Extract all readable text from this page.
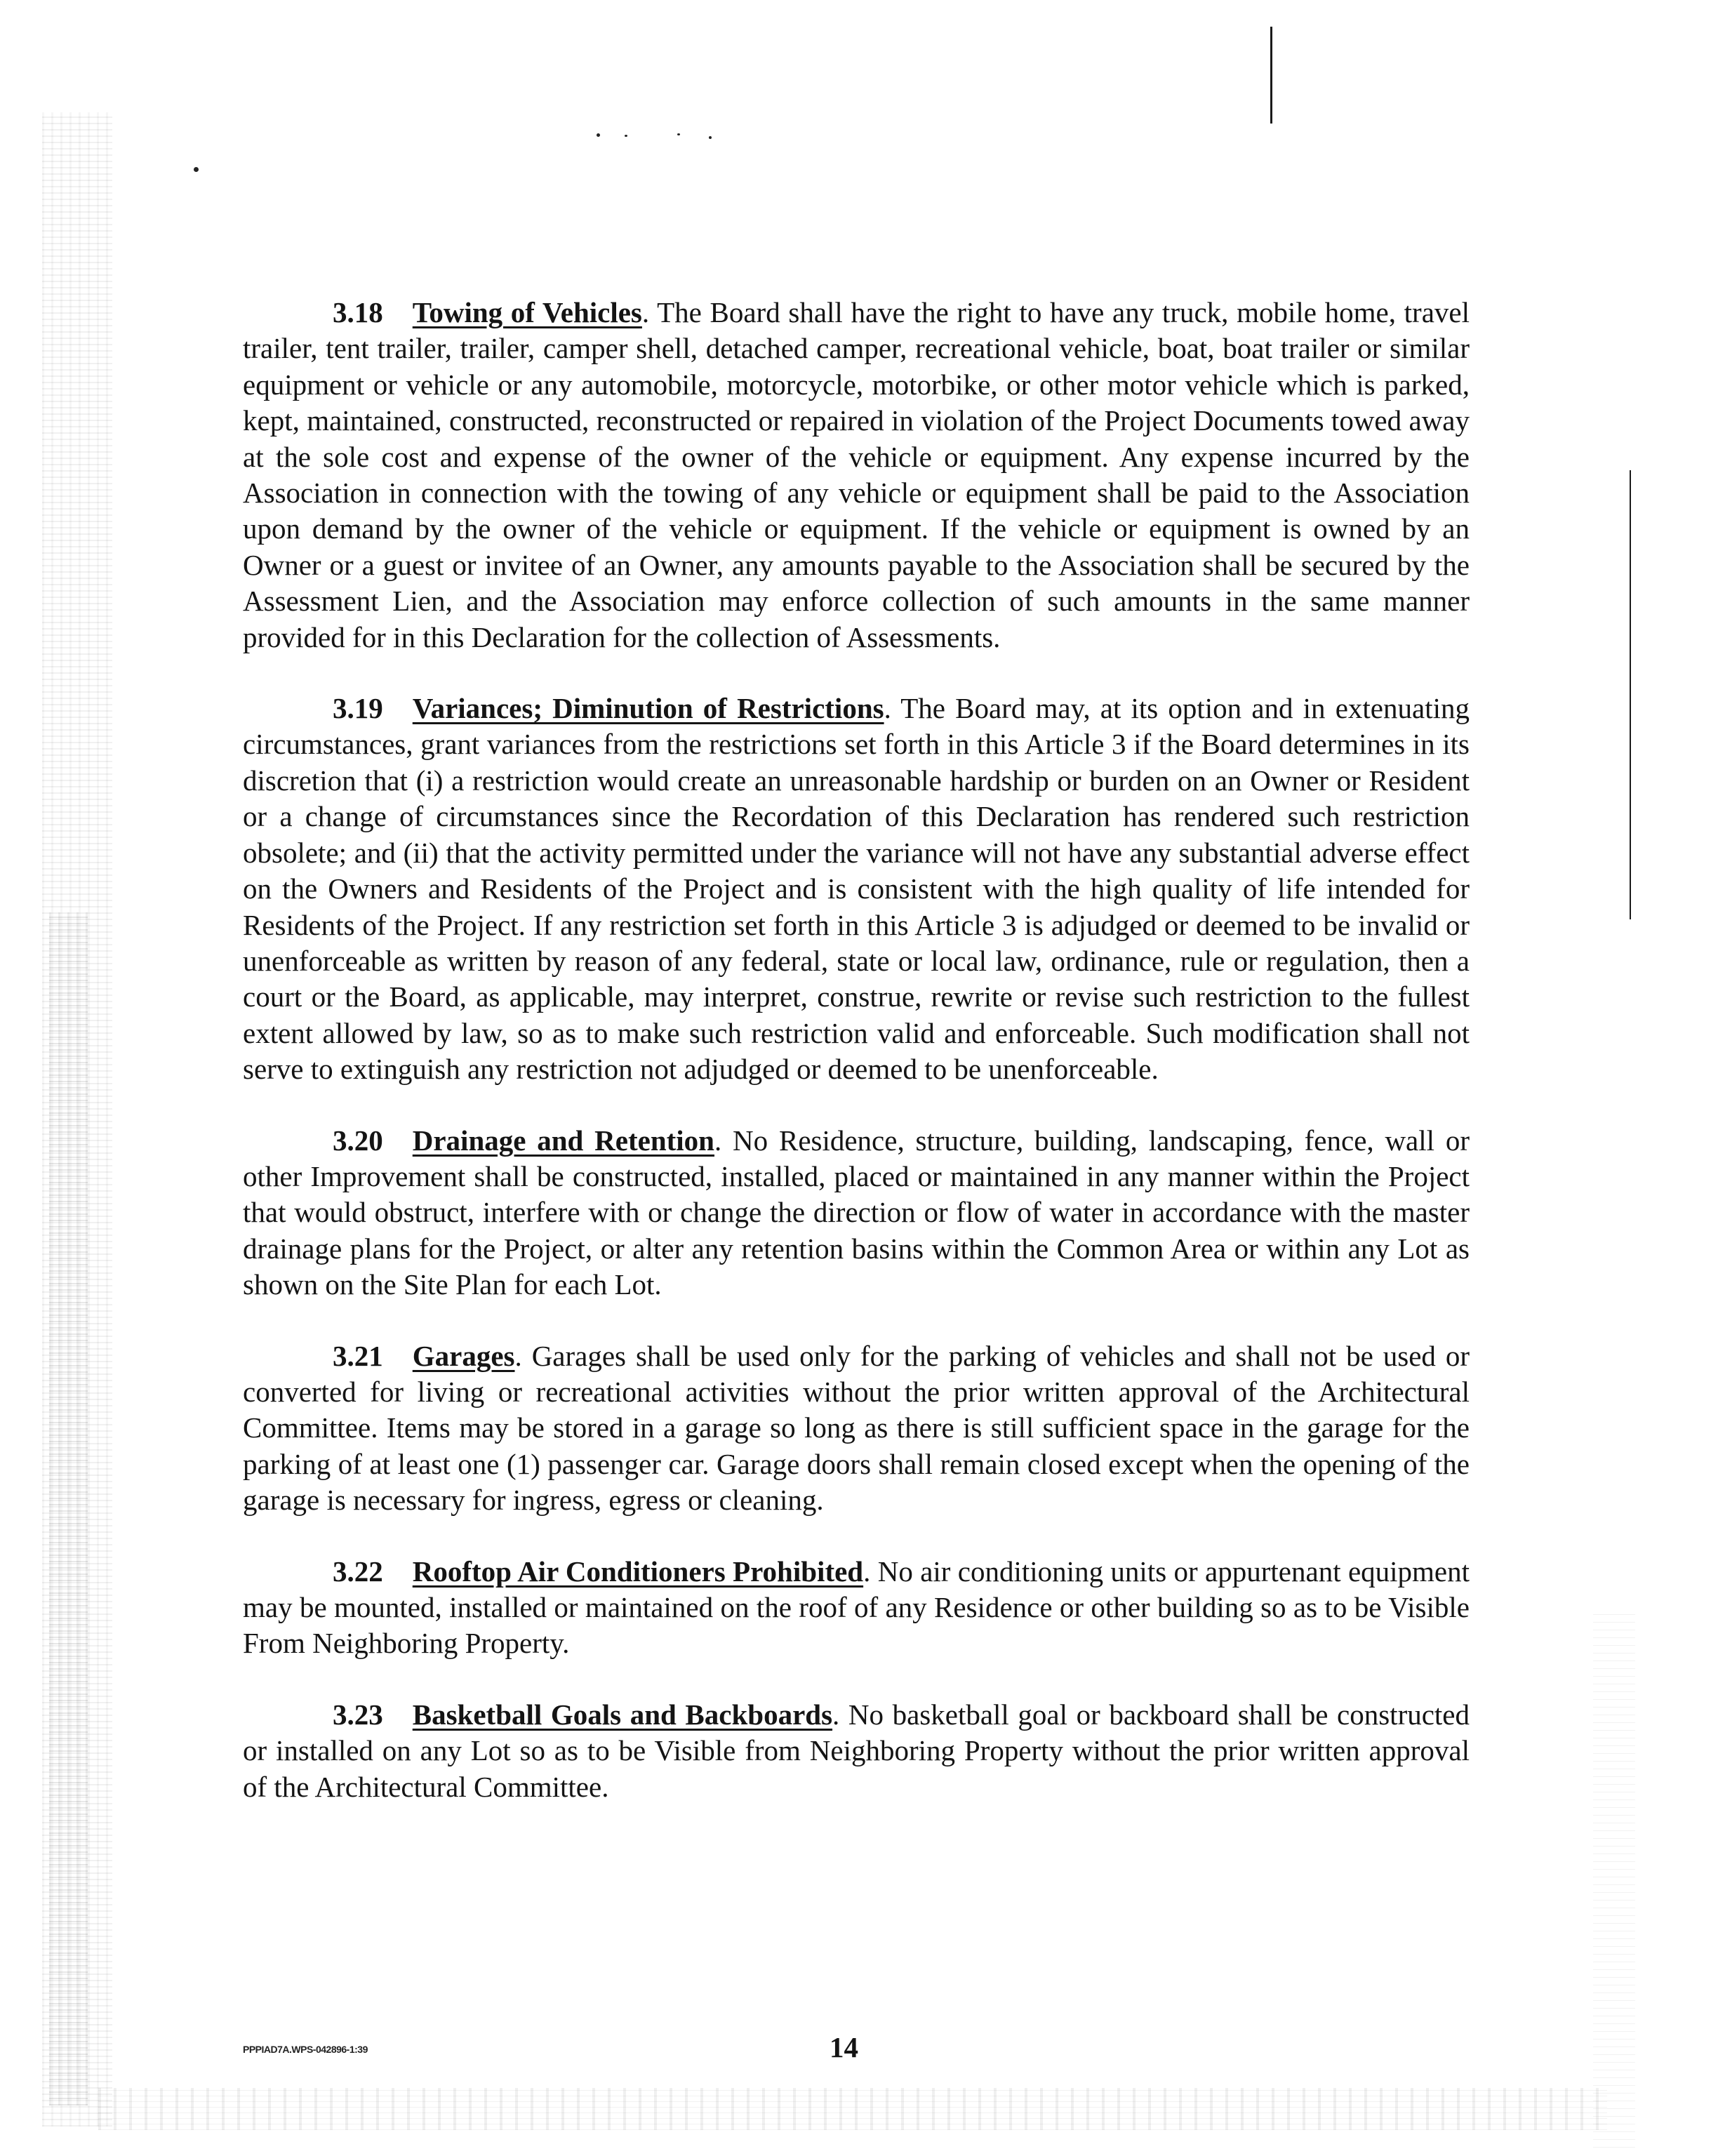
3.18 Towing of Vehicles. The Board shall have the right to have any truck, mobile home, travel trailer, tent trailer, trailer, camper shell, detached camper, recreational vehicle, boat, boat trailer or similar equipment or vehicle or any automobile, motorcycle, motorbike, or other motor vehicle which is parked, kept, maintained, constructed, reconstructed or repaired in violation of the Project Documents towed away at the sole cost and expense of the owner of the vehicle or equipment. Any expense incurred by the Association in connection with the towing of any vehicle or equipment shall be paid to the Association upon demand by the owner of the vehicle or equipment. If the vehicle or equipment is owned by an Owner or a guest or invitee of an Owner, any amounts payable to the Association shall be secured by the Assessment Lien, and the Association may enforce collection of such amounts in the same manner provided for in this Declaration for the collection of Assessments.

3.19 Variances; Diminution of Restrictions. The Board may, at its option and in extenuating circumstances, grant variances from the restrictions set forth in this Article 3 if the Board determines in its discretion that (i) a restriction would create an unreasonable hardship or burden on an Owner or Resident or a change of circumstances since the Recordation of this Declaration has rendered such restriction obsolete; and (ii) that the activity permitted under the variance will not have any substantial adverse effect on the Owners and Residents of the Project and is consistent with the high quality of life intended for Residents of the Project. If any restriction set forth in this Article 3 is adjudged or deemed to be invalid or unenforceable as written by reason of any federal, state or local law, ordinance, rule or regulation, then a court or the Board, as applicable, may interpret, construe, rewrite or revise such restriction to the fullest extent allowed by law, so as to make such restriction valid and enforceable. Such modification shall not serve to extinguish any restriction not adjudged or deemed to be unenforceable.

3.20 Drainage and Retention. No Residence, structure, building, landscaping, fence, wall or other Improvement shall be constructed, installed, placed or maintained in any manner within the Project that would obstruct, interfere with or change the direction or flow of water in accordance with the master drainage plans for the Project, or alter any retention basins within the Common Area or within any Lot as shown on the Site Plan for each Lot.

3.21 Garages. Garages shall be used only for the parking of vehicles and shall not be used or converted for living or recreational activities without the prior written approval of the Architectural Committee. Items may be stored in a garage so long as there is still sufficient space in the garage for the parking of at least one (1) passenger car. Garage doors shall remain closed except when the opening of the garage is necessary for ingress, egress or cleaning.

3.22 Rooftop Air Conditioners Prohibited. No air conditioning units or appurtenant equipment may be mounted, installed or maintained on the roof of any Residence or other building so as to be Visible From Neighboring Property.

3.23 Basketball Goals and Backboards. No basketball goal or backboard shall be constructed or installed on any Lot so as to be Visible from Neighboring Property without the prior written approval of the Architectural Committee.

PPPIAD7A.WPS-042896-1:39	14
